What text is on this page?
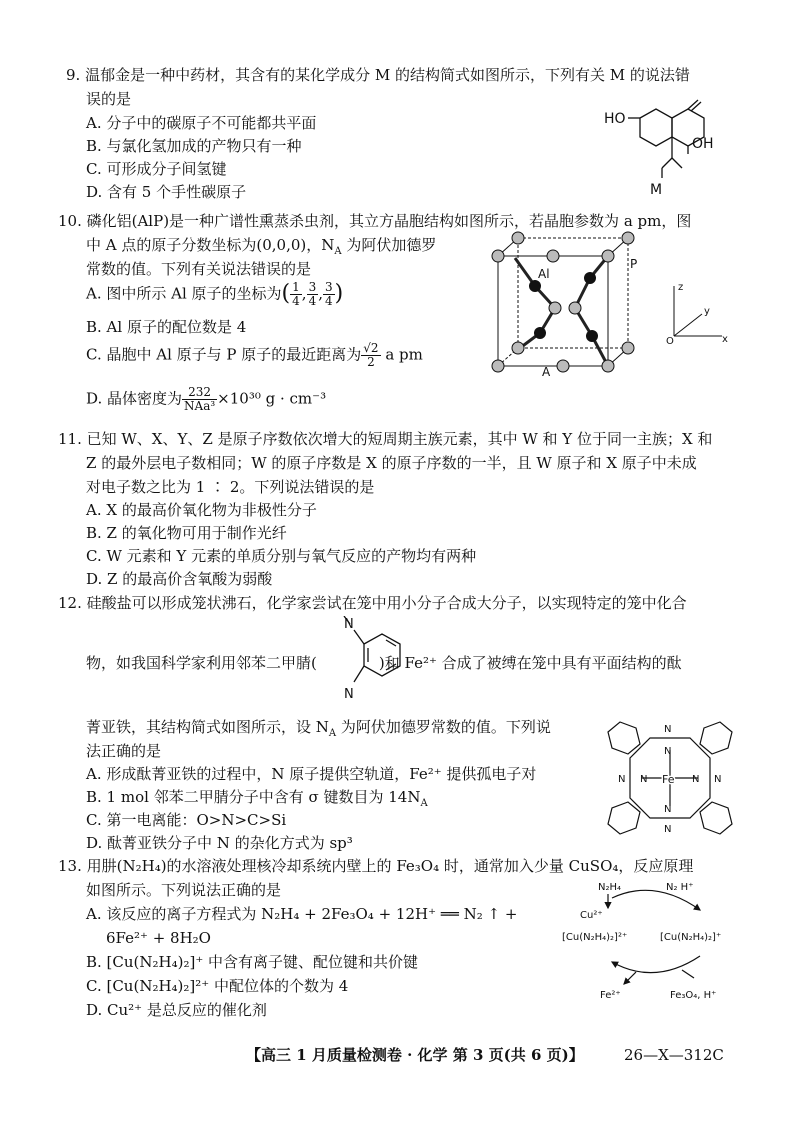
9. 温郁金是一种中药材，其含有的某化学成分 M 的结构简式如图所示，下列有关 M 的说法错
误的是
A. 分子中的碳原子不可能都共平面
B. 与氯化氢加成的产物只有一种
C. 可形成分子间氢键
D. 含有 5 个手性碳原子
HO
OH
M
10. 磷化铝(AlP)是一种广谱性熏蒸杀虫剂，其立方晶胞结构如图所示，若晶胞参数为 a pm，图
中 A 点的原子分数坐标为(0,0,0)，$N_A$ 为阿伏加德罗
常数的值。下列有关说法错误的是
A. 图中所示 Al 原子的坐标为( $\frac{1}{4}$ , $\frac{3}{4}$ , $\frac{3}{4}$ )
B. Al 原子的配位数是 4
C. 晶胞中 Al 原子与 P 原子的最近距离为 $\frac{√2}{2}$ a pm
D. 晶体密度为 $\frac{232}{\text{NAa³}} \times 10^{30}$ g · cm⁻³
Al
P
A
z
y
x
O
11. 已知 W、X、Y、Z 是原子序数依次增大的短周期主族元素，其中 W 和 Y 位于同一主族；X 和
Z 的最外层电子数相同；W 的原子序数是 X 的原子序数的一半，且 W 原子和 X 原子中未成
对电子数之比为 1 ∶ 2。下列说法错误的是
A. X 的最高价氧化物为非极性分子
B. Z 的氧化物可用于制作光纤
C. W 元素和 Y 元素的单质分别与氧气反应的产物均有两种
D. Z 的最高价含氧酸为弱酸
12. 硅酸盐可以形成笼状沸石，化学家尝试在笼中用小分子合成大分子，以实现特定的笼中化合
物，如我国科学家利用邻苯二甲腈(	)和 Fe²⁺ 合成了被缚在笼中具有平面结构的酞
N
N
菁亚铁，其结构简式如图所示，设 $N_A$ 为阿伏加德罗常数的值。下列说
法正确的是
A. 形成酞菁亚铁的过程中，N 原子提供空轨道，Fe²⁺ 提供孤电子对
B. 1 mol 邻苯二甲腈分子中含有 σ 键数目为 $14N_A$
C. 第一电离能：O>N>C>Si
D. 酞菁亚铁分子中 N 的杂化方式为 sp³
N
N
N	N
N
N
N	N
Fe
13. 用肼(N₂H₄)的水溶液处理核冷却系统内壁上的 Fe₃O₄ 时，通常加入少量 CuSO₄，反应原理
如图所示。下列说法正确的是
A. 该反应的离子方程式为 N₂H₄ + 2Fe₃O₄ + 12H⁺ ══ N₂ ↑ +
6Fe²⁺ + 8H₂O
B. [Cu(N₂H₄)₂]⁺ 中含有离子键、配位键和共价键
C. [Cu(N₂H₄)₂]²⁺ 中配位体的个数为 4
D. Cu²⁺ 是总反应的催化剂
N₂H₄	N₂ H⁺
Cu²⁺
[Cu(N₂H₄)₂]²⁺	[Cu(N₂H₄)₂]⁺
Fe²⁺	Fe₃O₄, H⁺
【高三 1 月质量检测卷 · 化学 第 3 页(共 6 页)】	26—X—312C
